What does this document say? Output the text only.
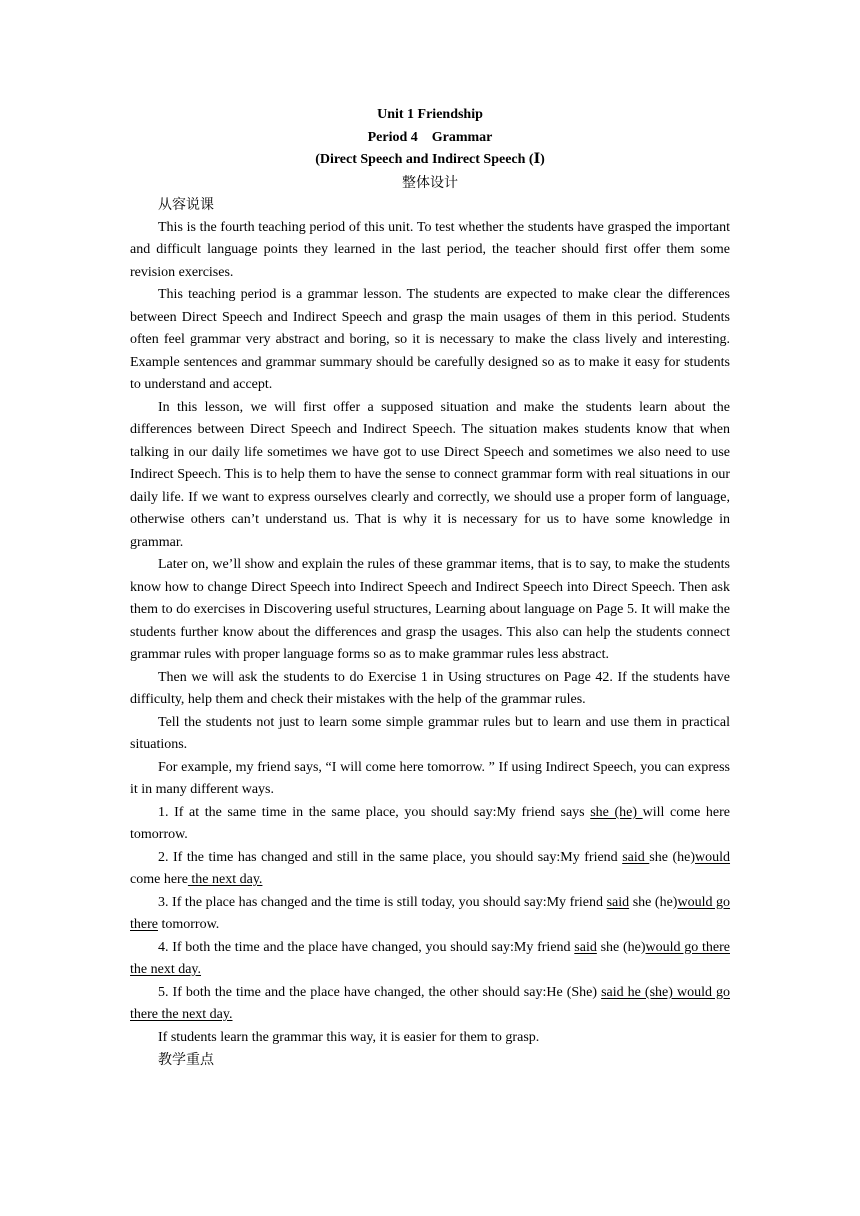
Unit 1 Friendship

Period 4　Grammar

(Direct Speech and Indirect Speech (Ⅰ)

整体设计

从容说课

This is the fourth teaching period of this unit. To test whether the students have grasped the important and difficult language points they learned in the last period, the teacher should first offer them some revision exercises.

This teaching period is a grammar lesson. The students are expected to make clear the differences between Direct Speech and Indirect Speech and grasp the main usages of them in this period. Students often feel grammar very abstract and boring, so it is necessary to make the class lively and interesting. Example sentences and grammar summary should be carefully designed so as to make it easy for students to understand and accept.

In this lesson, we will first offer a supposed situation and make the students learn about the differences between Direct Speech and Indirect Speech. The situation makes students know that when talking in our daily life sometimes we have got to use Direct Speech and sometimes we also need to use Indirect Speech. This is to help them to have the sense to connect grammar form with real situations in our daily life. If we want to express ourselves clearly and correctly, we should use a proper form of language, otherwise others can’t understand us. That is why it is necessary for us to have some knowledge in grammar.

Later on, we’ll show and explain the rules of these grammar items, that is to say, to make the students know how to change Direct Speech into Indirect Speech and Indirect Speech into Direct Speech. Then ask them to do exercises in Discovering useful structures, Learning about language on Page 5. It will make the students further know about the differences and grasp the usages. This also can help the students connect grammar rules with proper language forms so as to make grammar rules less abstract.

Then we will ask the students to do Exercise 1 in Using structures on Page 42. If the students have difficulty, help them and check their mistakes with the help of the grammar rules.

Tell the students not just to learn some simple grammar rules but to learn and use them in practical situations.

For example, my friend says, “I will come here tomorrow. ” If using Indirect Speech, you can express it in many different ways.

1. If at the same time in the same place, you should say:My friend says she (he) will come here tomorrow.

2. If the time has changed and still in the same place, you should say:My friend said she (he)would come here the next day.

3. If the place has changed and the time is still today, you should say:My friend said she (he)would go there tomorrow.

4. If both the time and the place have changed, you should say:My friend said she (he)would go there the next day.

5. If both the time and the place have changed, the other should say:He (She) said he (she) would go there the next day.

If students learn the grammar this way, it is easier for them to grasp.

教学重点
